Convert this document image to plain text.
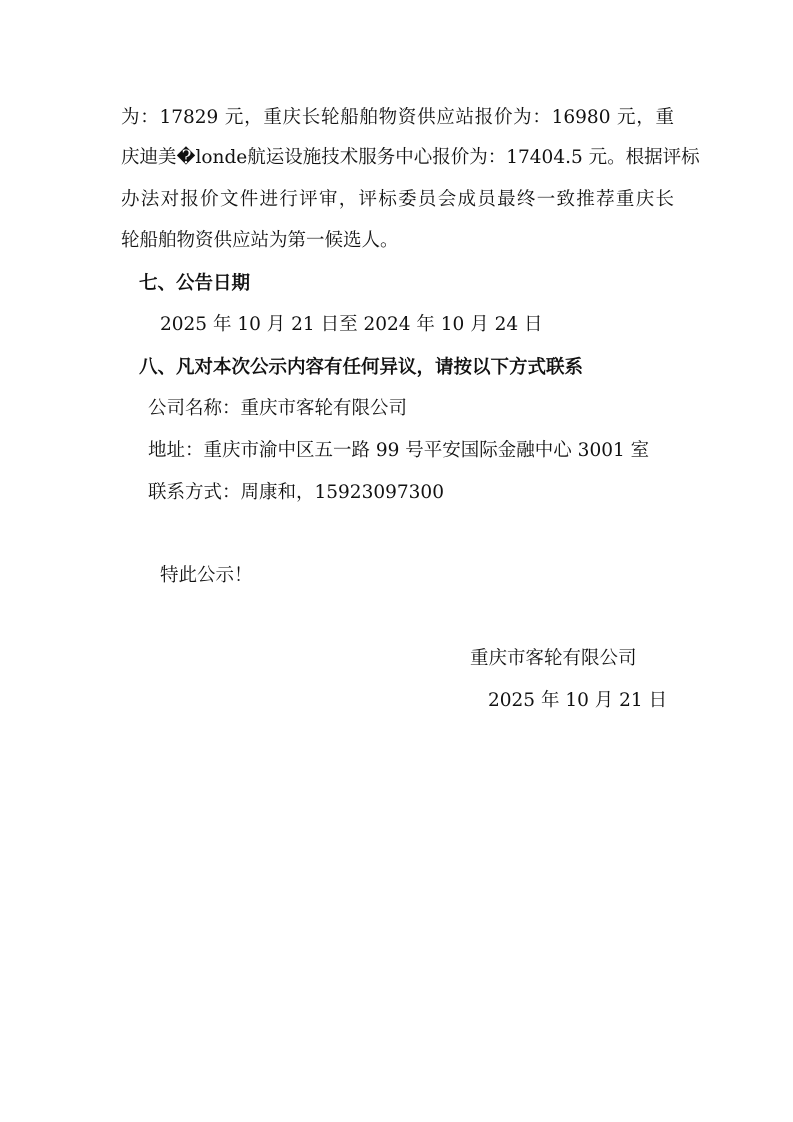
为：17829 元，重庆长轮船舶物资供应站报价为：16980 元，重
庆迪美�londe航运设施技术服务中心报价为：17404.5 元。根据评标
办法对报价文件进行评审，评标委员会成员最终一致推荐重庆长
轮船舶物资供应站为第一候选人。
七、公告日期
2025 年 10 月 21 日至 2024 年 10 月 24 日
八、凡对本次公示内容有任何异议，请按以下方式联系
公司名称：重庆市客轮有限公司
地址：重庆市渝中区五一路 99 号平安国际金融中心 3001 室
联系方式：周康和，15923097300
特此公示！
重庆市客轮有限公司
2025 年 10 月 21 日
